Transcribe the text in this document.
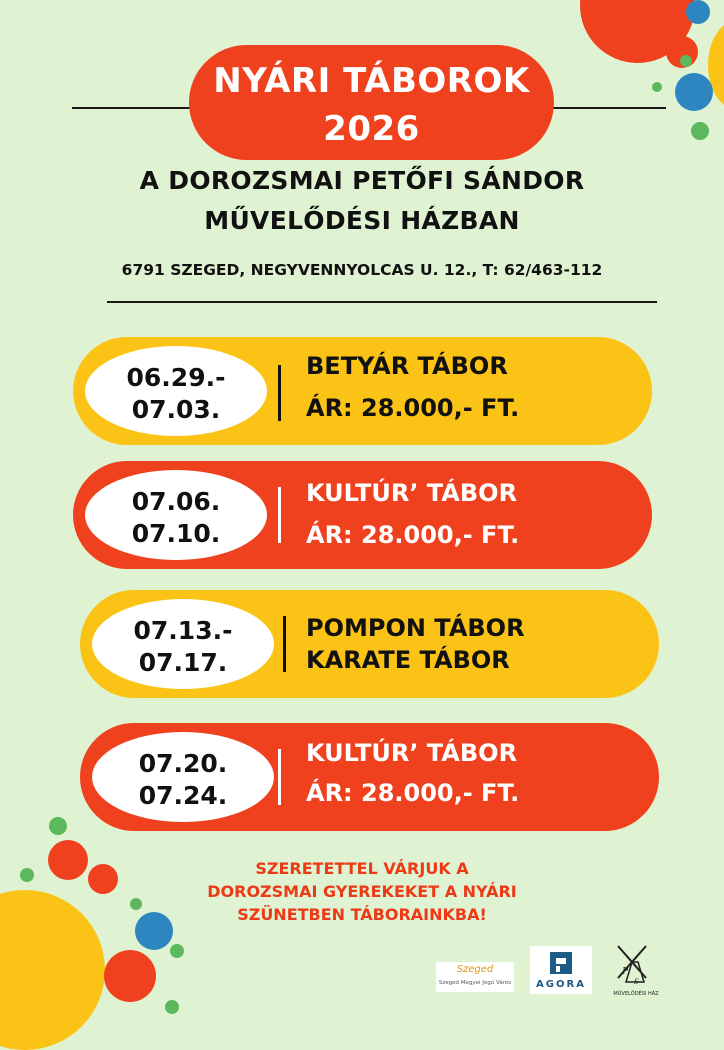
NYÁRI TÁBOROK
2026
A DOROZSMAI PETŐFI SÁNDOR
MŰVELŐDÉSI HÁZBAN
6791 SZEGED, NEGYVENNYOLCAS U. 12., T: 62/463-112
06.29.-
07.03.
BETYÁR TÁBOR
ÁR: 28.000,- FT.
07.06.
07.10.
KULTÚR’ TÁBOR
ÁR: 28.000,- FT.
07.13.-
07.17.
POMPON TÁBOR
KARATE TÁBOR
07.20.
07.24.
KULTÚR’ TÁBOR
ÁR: 28.000,- FT.
SZERETETTEL VÁRJUK A
DOROZSMAI GYEREKEKET A NYÁRI
SZÜNETBEN TÁBORAINKBA!
Szeged
Szeged Megyei Jogú Város	AGORA
P
S
MŰVELŐDÉSI HÁZ
